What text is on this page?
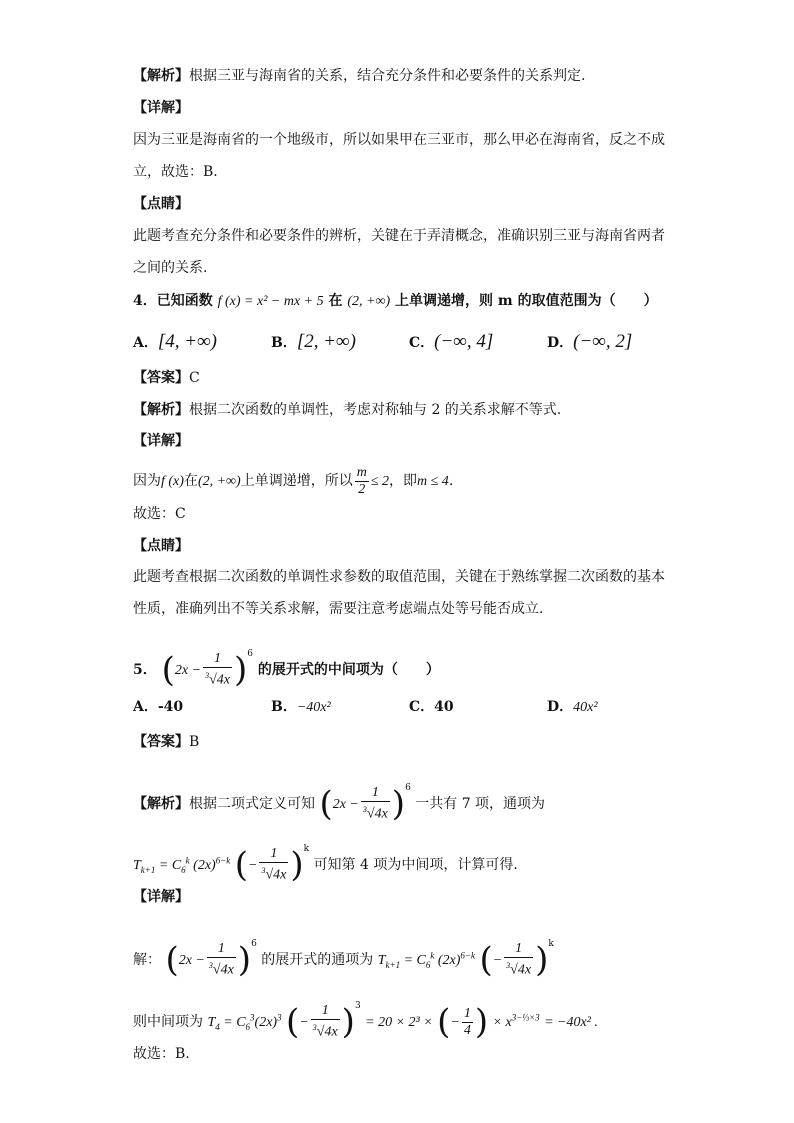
【解析】根据三亚与海南省的关系，结合充分条件和必要条件的关系判定.
【详解】
因为三亚是海南省的一个地级市，所以如果甲在三亚市，那么甲必在海南省，反之不成
立，故选：B.
【点睛】
此题考查充分条件和必要条件的辨析，关键在于弄清概念，准确识别三亚与海南省两者
之间的关系.
4．已知函数 f (x) = x² − mx + 5 在 (2, +∞) 上单调递增，则 m 的取值范围为（　　）
A．[4, +∞)	B．[2, +∞)	C．(−∞, 4]	D．(−∞, 2]
【答案】C
【解析】根据二次函数的单调性，考虑对称轴与 2 的关系求解不等式.
【详解】
因为f (x)在(2, +∞)上单调递增，所以 $\frac{m}{2} \le 2$，即m ≤ 4.
故选：C
【点睛】
此题考查根据二次函数的单调性求参数的取值范围，关键在于熟练掌握二次函数的基本
性质，准确列出不等关系求解，需要注意考虑端点处等号能否成立.
5． $(2x - \frac{1}{^3√4x} )^6$ 的展开式的中间项为（　　）
A．-40	B．−40x²	C．40	D．40x²
【答案】B
【解析】根据二项式定义可知 $(2x - \frac{1}{^3√4x} )^6$ 一共有 7 项，通项为
$T_{k+1} = C_6^k$ $(2x)^{6-k}$ (− $\frac{1}{^3√4x} )^k$ 可知第 4 项为中间项，计算可得.
【详解】
解： $(2x - \frac{1}{^3√4x} )^6$ 的展开式的通项为 $T_{k+1} = C_6^k$ $(2x)^{6-k}$ (− $\frac{1}{^3√4x} )^k$
则中间项为 $T_4 = C_6^3(2x)^3$ (− $\frac{1}{^3√4x} )^3 = 20 \times 2^3$ × (− $\frac{1}{4}$ ) × $x^{3-\frac{1}{3}\times 3} = -40x^2$ .
故选：B.
